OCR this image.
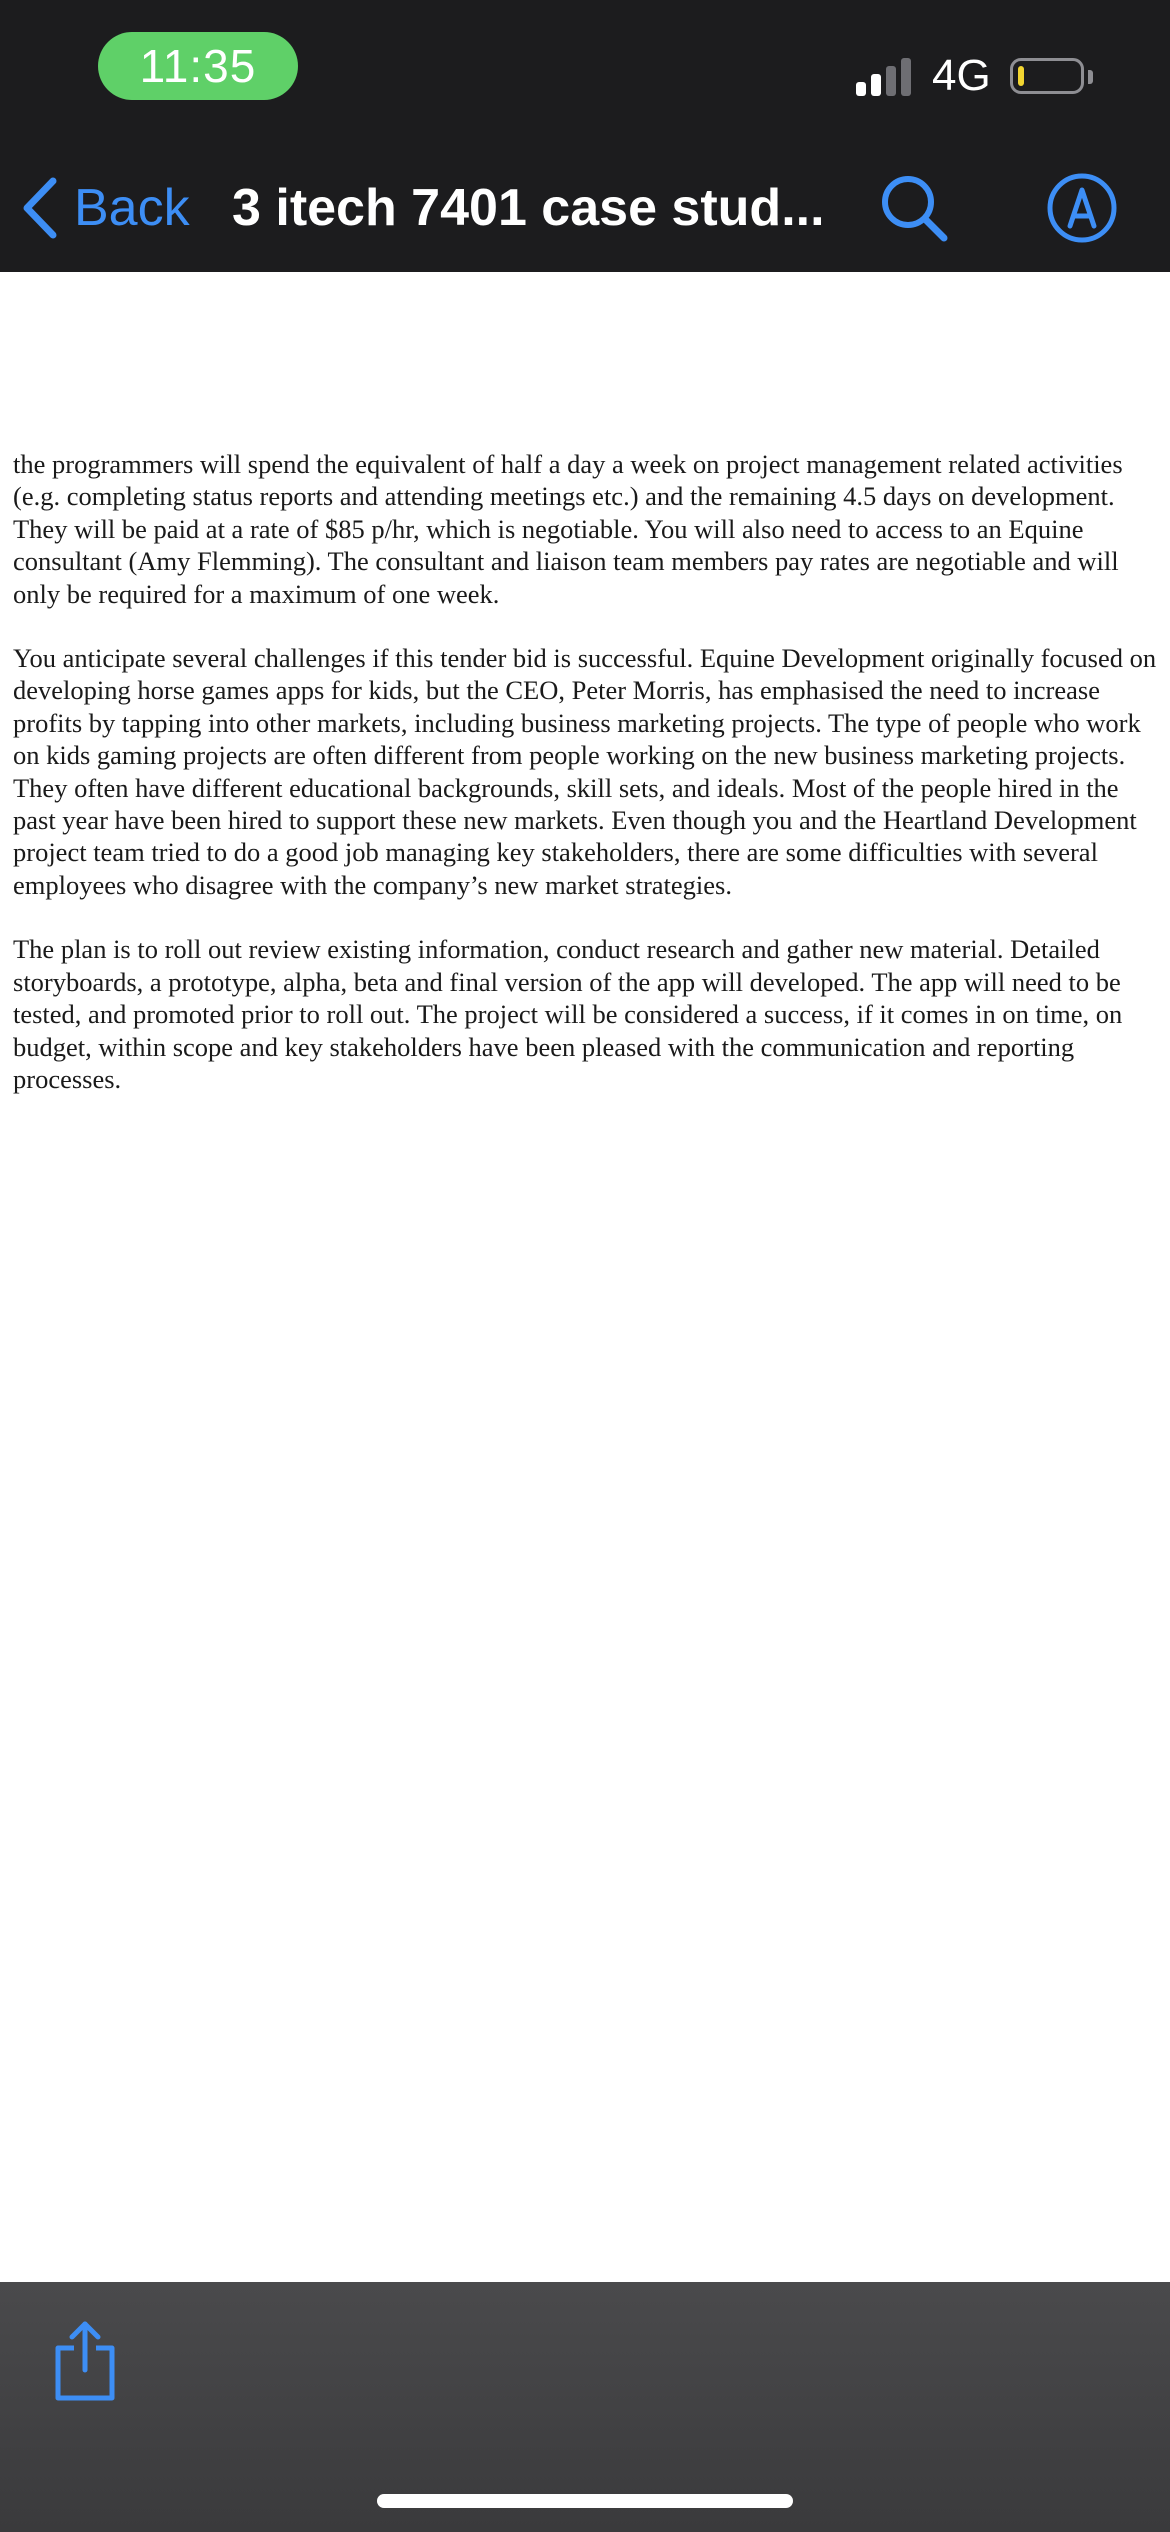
11:35	4G
Back 3 itech 7401 case stud...

the programmers will spend the equivalent of half a day a week on project management related activities (e.g. completing status reports and attending meetings etc.) and the remaining 4.5 days on development. They will be paid at a rate of $85 p/hr, which is negotiable. You will also need to access to an Equine consultant (Amy Flemming). The consultant and liaison team members pay rates are negotiable and will only be required for a maximum of one week.

You anticipate several challenges if this tender bid is successful. Equine Development originally focused on developing horse games apps for kids, but the CEO, Peter Morris, has emphasised the need to increase profits by tapping into other markets, including business marketing projects. The type of people who work on kids gaming projects are often different from people working on the new business marketing projects. They often have different educational backgrounds, skill sets, and ideals. Most of the people hired in the past year have been hired to support these new markets. Even though you and the Heartland Development project team tried to do a good job managing key stakeholders, there are some difficulties with several employees who disagree with the company’s new market strategies.

The plan is to roll out review existing information, conduct research and gather new material. Detailed storyboards, a prototype, alpha, beta and final version of the app will developed. The app will need to be tested, and promoted prior to roll out. The project will be considered a success, if it comes in on time, on budget, within scope and key stakeholders have been pleased with the communication and reporting processes.
